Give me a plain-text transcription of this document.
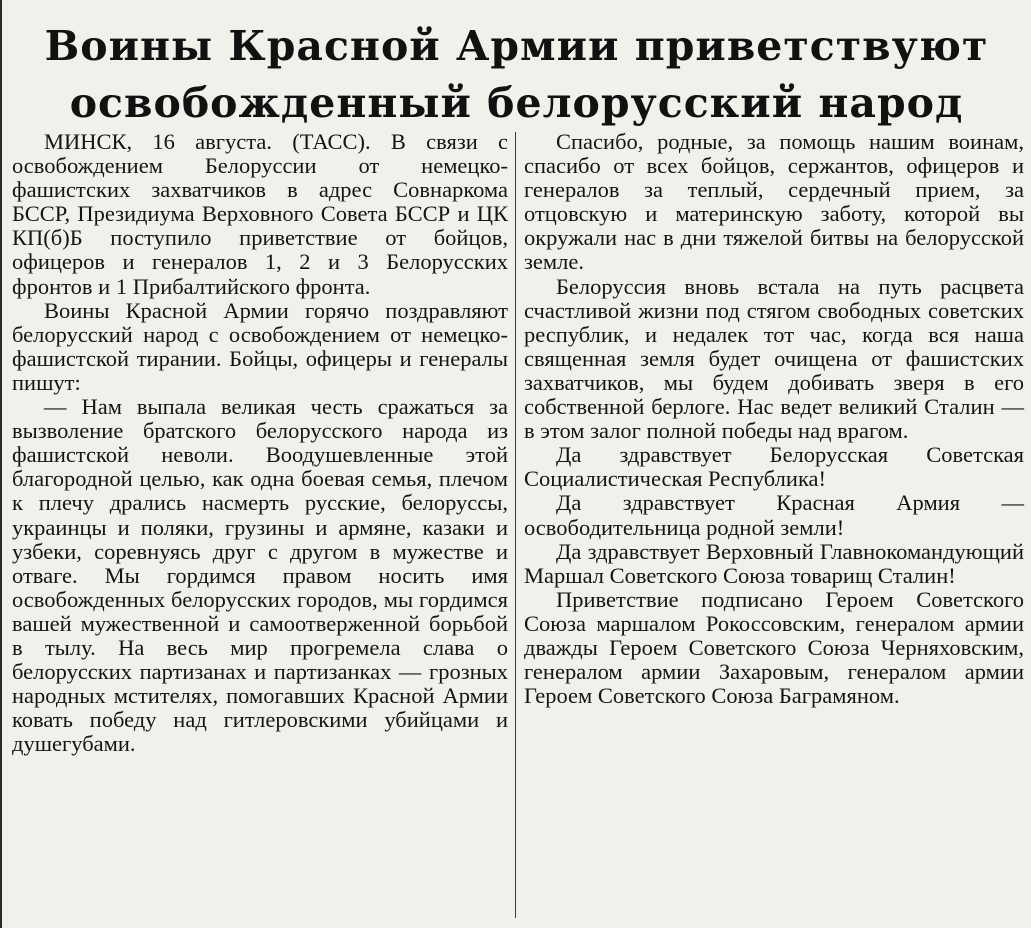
Воины Красной Армии приветствуют
освобожденный белорусский народ

МИНСК, 16 августа. (ТАСС). В связи с освобождением Белоруссии от немецко-фашистских захватчиков в адрес Совнаркома БССР, Президиума Верховного Совета БССР и ЦК КП(б)Б поступило приветствие от бойцов, офицеров и генералов 1, 2 и 3 Белорусских фронтов и 1 Прибалтийского фронта.

Воины Красной Армии горячо поздравляют белорусский народ с освобождением от немецко-фашистской тирании. Бойцы, офицеры и генералы пишут:

— Нам выпала великая честь сражаться за вызволение братского белорусского народа из фашистской неволи. Воодушевленные этой благородной целью, как одна боевая семья, плечом к плечу дрались насмерть русские, белоруссы, украинцы и поляки, грузины и армяне, казаки и узбеки, соревнуясь друг с другом в мужестве и отваге. Мы гордимся правом носить имя освобожденных белорусских городов, мы гордимся вашей мужественной и самоотверженной борьбой в тылу. На весь мир прогремела слава о белорусских партизанах и партизанках — грозных народных мстителях, помогавших Красной Армии ковать победу над гитлеровскими убийцами и душегубами.

Спасибо, родные, за помощь нашим воинам, спасибо от всех бойцов, сержантов, офицеров и генералов за теплый, сердечный прием, за отцовскую и материнскую заботу, которой вы окружали нас в дни тяжелой битвы на белорусской земле.

Белоруссия вновь встала на путь расцвета счастливой жизни под стягом свободных советских республик, и недалек тот час, когда вся наша священная земля будет очищена от фашистских захватчиков, мы будем добивать зверя в его собственной берлоге. Нас ведет великий Сталин — в этом залог полной победы над врагом.

Да здравствует Белорусская Советская Социалистическая Республика!

Да здравствует Красная Армия — освободительница родной земли!

Да здравствует Верховный Главнокомандующий Маршал Советского Союза товарищ Сталин!

Приветствие подписано Героем Советского Союза маршалом Рокоссовским, генералом армии дважды Героем Советского Союза Черняховским, генералом армии Захаровым, генералом армии Героем Советского Союза Баграмяном.
